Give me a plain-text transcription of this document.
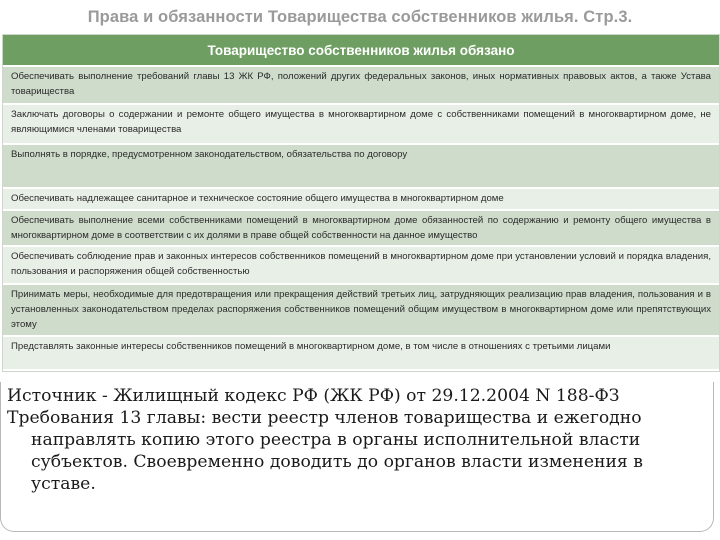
Права и обязанности Товарищества собственников жилья. Стр.3.
Товарищество собственников жилья обязано
Обеспечивать выполнение требований главы 13 ЖК РФ, положений других федеральных законов, иных нормативных правовых актов, а также Устава товарищества
Заключать договоры о содержании и ремонте общего имущества в многоквартирном доме с собственниками помещений в многоквартирном доме, не являющимися членами товарищества
Выполнять в порядке, предусмотренном законодательством, обязательства по договору
Обеспечивать надлежащее санитарное и техническое состояние общего имущества в многоквартирном доме
Обеспечивать выполнение всеми собственниками помещений в многоквартирном доме обязанностей по содержанию и ремонту общего имущества в многоквартирном доме в соответствии с их долями в праве общей собственности на данное имущество
Обеспечивать соблюдение прав и законных интересов собственников помещений в многоквартирном доме при установлении условий и порядка владения, пользования и распоряжения общей собственностью
Принимать меры, необходимые для предотвращения или прекращения действий третьих лиц, затрудняющих реализацию прав владения, пользования и в установленных законодательством пределах распоряжения собственников помещений общим имуществом в многоквартирном доме или препятствующих этому
Представлять законные интересы собственников помещений в многоквартирном доме, в том числе в отношениях с третьими лицами

Источник - Жилищный кодекс РФ (ЖК РФ) от 29.12.2004 N 188-ФЗ

Требования 13 главы: вести реестр членов товарищества и ежегодно направлять копию этого реестра в органы исполнительной власти субъектов. Своевременно доводить до органов власти изменения в уставе.
